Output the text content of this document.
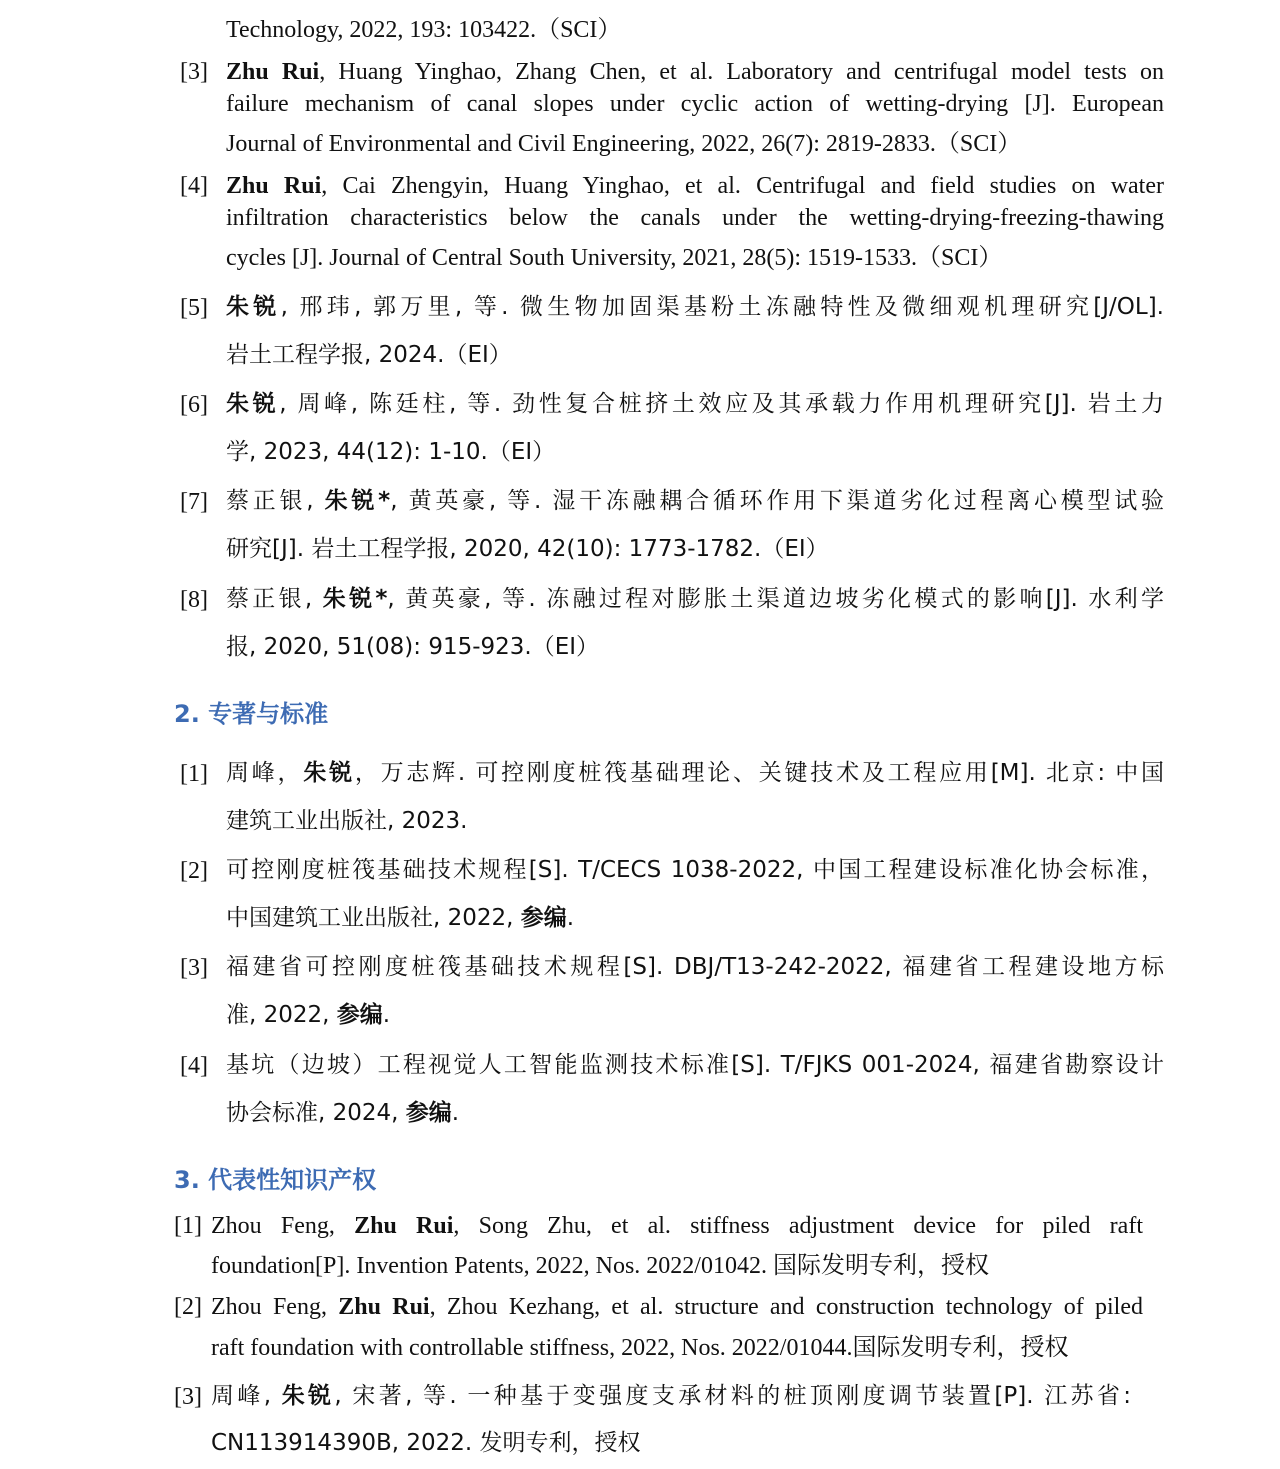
Technology, 2022, 193: 103422.（SCI）
[3] Zhu Rui, Huang Yinghao, Zhang Chen, et al. Laboratory and centrifugal model tests on
failure mechanism of canal slopes under cyclic action of wetting-drying [J]. European
Journal of Environmental and Civil Engineering, 2022, 26(7): 2819-2833.（SCI）
[4] Zhu Rui, Cai Zhengyin, Huang Yinghao, et al. Centrifugal and field studies on water
infiltration characteristics below the canals under the wetting-drying-freezing-thawing
cycles [J]. Journal of Central South University, 2021, 28(5): 1519-1533.（SCI）
[5] 朱锐, 邢玮, 郭万里, 等. 微生物加固渠基粉土冻融特性及微细观机理研究[J/OL].
岩土工程学报, 2024.（EI）
[6] 朱锐, 周峰, 陈廷柱, 等. 劲性复合桩挤土效应及其承载力作用机理研究[J]. 岩土力
学, 2023, 44(12): 1-10.（EI）
[7] 蔡正银, 朱锐*, 黄英豪, 等. 湿干冻融耦合循环作用下渠道劣化过程离心模型试验
研究[J]. 岩土工程学报, 2020, 42(10): 1773-1782.（EI）
[8] 蔡正银, 朱锐*, 黄英豪, 等. 冻融过程对膨胀土渠道边坡劣化模式的影响[J]. 水利学
报, 2020, 51(08): 915-923.（EI）
2. 专著与标准
[1] 周峰，朱锐，万志辉. 可控刚度桩筏基础理论、关键技术及工程应用[M]. 北京: 中国
建筑工业出版社, 2023.
[2] 可控刚度桩筏基础技术规程[S]. T/CECS 1038-2022, 中国工程建设标准化协会标准，
中国建筑工业出版社, 2022, 参编.
[3] 福建省可控刚度桩筏基础技术规程[S]. DBJ/T13-242-2022, 福建省工程建设地方标
准, 2022, 参编.
[4] 基坑（边坡）工程视觉人工智能监测技术标准[S]. T/FJKS 001-2024, 福建省勘察设计
协会标准, 2024, 参编.
3. 代表性知识产权
[1] Zhou Feng, Zhu Rui, Song Zhu, et al. stiffness adjustment device for piled raft
foundation[P]. Invention Patents, 2022, Nos. 2022/01042. 国际发明专利，授权
[2] Zhou Feng, Zhu Rui, Zhou Kezhang, et al. structure and construction technology of piled
raft foundation with controllable stiffness, 2022, Nos. 2022/01044.国际发明专利，授权
[3] 周峰, 朱锐, 宋著, 等. 一种基于变强度支承材料的桩顶刚度调节装置[P]. 江苏省:
CN113914390B, 2022. 发明专利，授权
